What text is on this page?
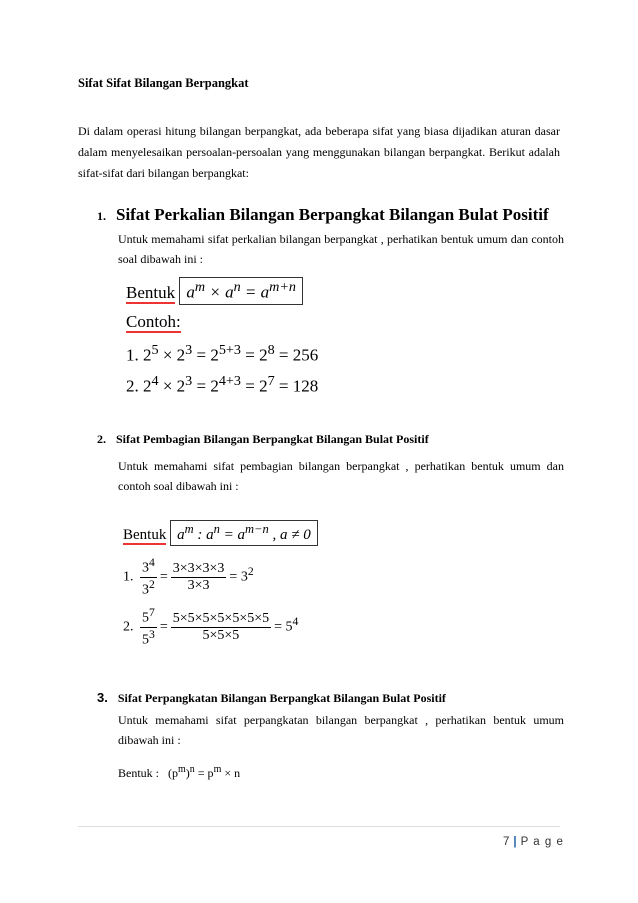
Sifat Sifat Bilangan Berpangkat
Di dalam operasi hitung bilangan berpangkat, ada beberapa sifat yang biasa dijadikan aturan dasar dalam menyelesaikan persoalan-persoalan yang menggunakan bilangan berpangkat. Berikut adalah sifat-sifat dari bilangan berpangkat:
1. Sifat Perkalian Bilangan Berpangkat Bilangan Bulat Positif
Untuk memahami sifat perkalian bilangan berpangkat , perhatikan bentuk umum dan contoh soal dibawah ini :
Bentuk $a^m \times a^n = a^{m+n}$
Contoh:
1. $2^5 \times 2^3 = 2^{5+3} = 2^8 = 256$
2. $2^4 \times 2^3 = 2^{4+3} = 2^7 = 128$
2. Sifat Pembagian Bilangan Berpangkat Bilangan Bulat Positif
Untuk memahami sifat pembagian bilangan berpangkat , perhatikan bentuk umum dan contoh soal dibawah ini :
Bentuk $a^m$ : $a^n = a^{m-n}$ , a ≠ 0
1. $\frac{3^4}{3^2} = \frac{3\times 3\times 3\times 3}{3\times 3} = 3^2$
2. $\frac{5^7}{5^3} = \frac{5\times 5\times 5\times 5\times 5\times 5\times 5}{5\times 5\times 5} = 5^4$
3. Sifat Perpangkatan Bilangan Berpangkat Bilangan Bulat Positif
Untuk memahami sifat perpangkatan bilangan berpangkat , perhatikan bentuk umum dibawah ini :
Bentuk :   $(p^m)^n = p^m \times n$
7 | P a g e
